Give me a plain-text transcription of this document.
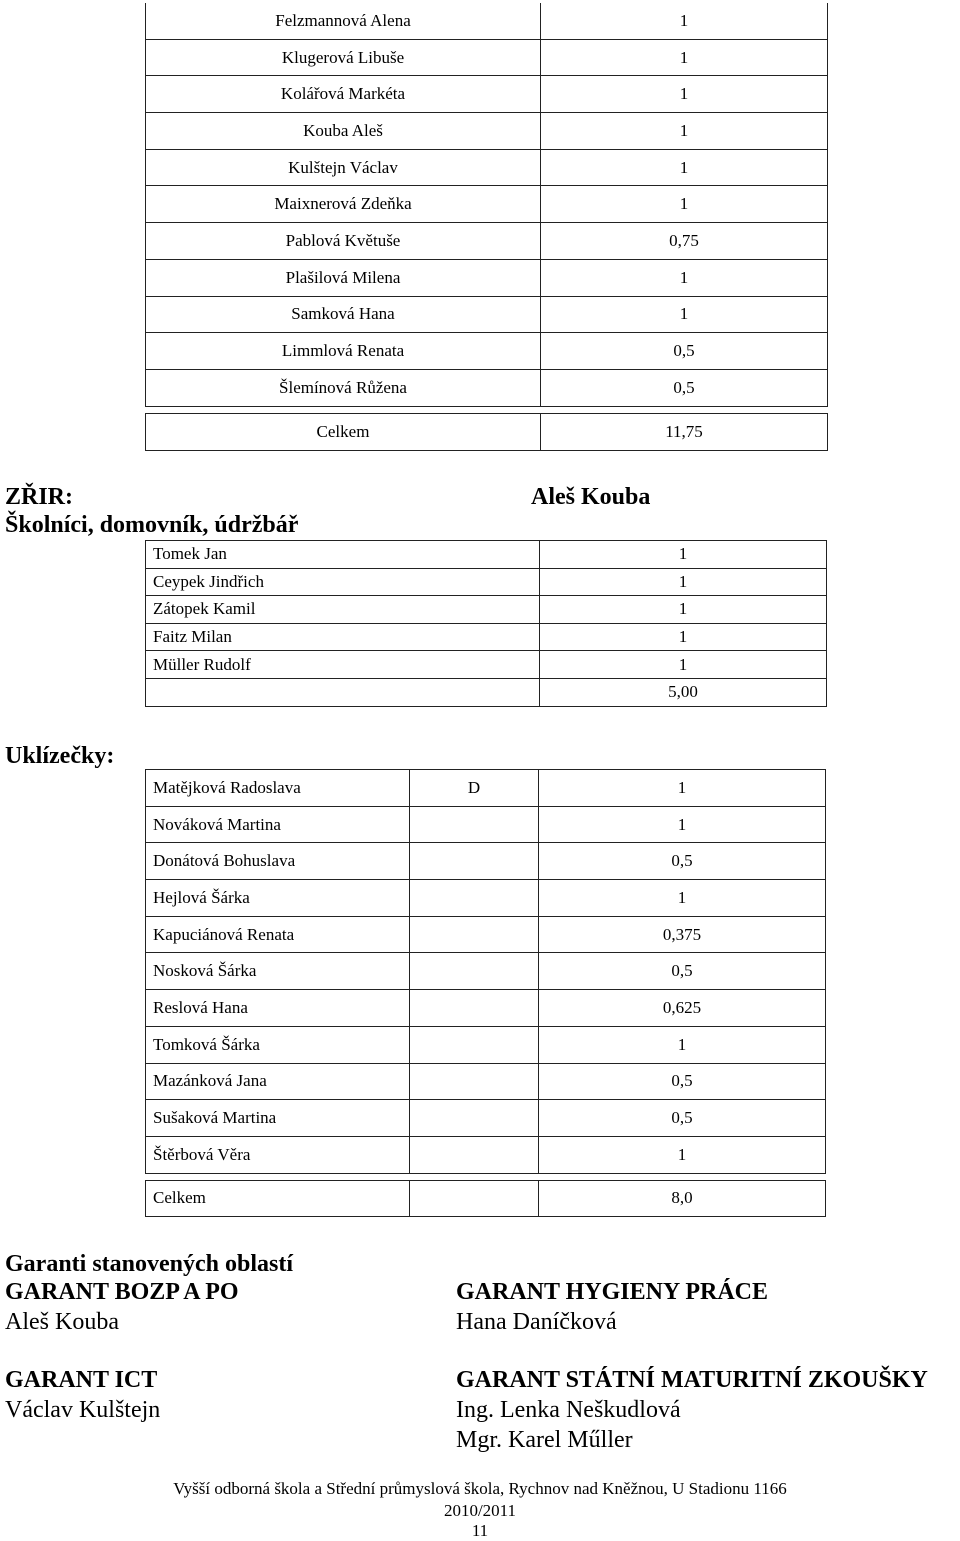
Felzmannová Alena	1
Klugerová Libuše	1
Kolářová Markéta	1
Kouba Aleš	1
Kulštejn Václav	1
Maixnerová Zdeňka	1
Pablová Květuše	0,75
Plašilová Milena	1
Samková Hana	1
Limmlová Renata	0,5
Šlemínová Růžena	0,5

Celkem	11,75
ZŘIR:	Aleš Kouba
Školníci, domovník, údržbář
Tomek Jan	1
Ceypek Jindřich	1
Zátopek Kamil	1
Faitz Milan	1
Müller Rudolf	1
	5,00
Uklízečky:
Matějková Radoslava	D	1
Nováková Martina		1
Donátová Bohuslava		0,5
Hejlová Šárka		1
Kapuciánová Renata		0,375
Nosková Šárka		0,5
Reslová Hana		0,625
Tomková Šárka		1
Mazánková Jana		0,5
Sušaková Martina		0,5
Štěrbová Věra		1

Celkem		8,0
Garanti stanovených oblastí
GARANT BOZP A PO
Aleš Kouba
GARANT HYGIENY PRÁCE
Hana Daníčková
GARANT ICT
Václav Kulštejn
GARANT STÁTNÍ MATURITNÍ ZKOUŠKY
Ing. Lenka Neškudlová
Mgr. Karel Műller
Vyšší odborná škola a Střední průmyslová škola, Rychnov nad Kněžnou, U Stadionu 1166
2010/2011
11
